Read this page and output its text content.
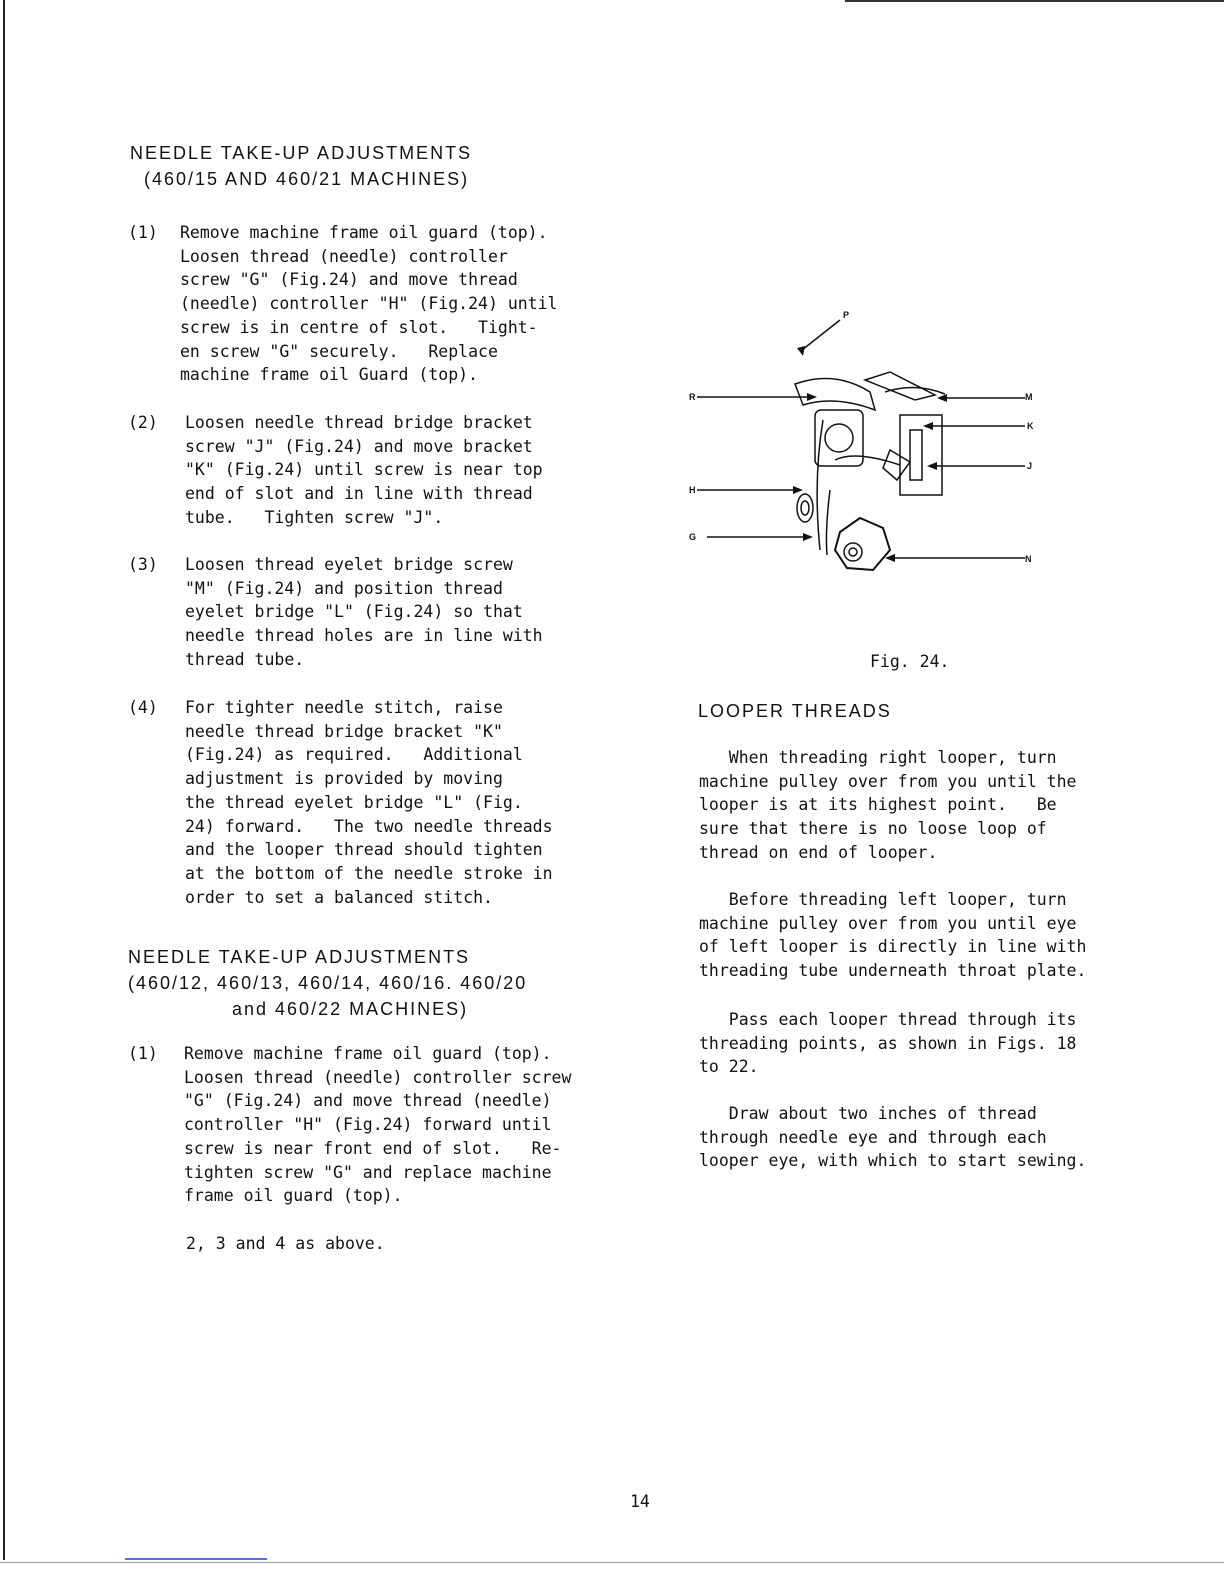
NEEDLE TAKE-UP ADJUSTMENTS
(460/15 AND 460/21 MACHINES)
(1) Remove machine frame oil guard (top).
Loosen thread (needle) controller
screw "G" (Fig.24) and move thread
(needle) controller "H" (Fig.24) until
screw is in centre of slot.   Tight-
en screw "G" securely.   Replace
machine frame oil Guard (top).
(2) Loosen needle thread bridge bracket
screw "J" (Fig.24) and move bracket
"K" (Fig.24) until screw is near top
end of slot and in line with thread
tube.   Tighten screw "J".
(3) Loosen thread eyelet bridge screw
"M" (Fig.24) and position thread
eyelet bridge "L" (Fig.24) so that
needle thread holes are in line with
thread tube.
(4) For tighter needle stitch, raise
needle thread bridge bracket "K"
(Fig.24) as required.   Additional
adjustment is provided by moving
the thread eyelet bridge "L" (Fig.
24) forward.   The two needle threads
and the looper thread should tighten
at the bottom of the needle stroke in
order to set a balanced stitch.
NEEDLE TAKE-UP ADJUSTMENTS
(460/12, 460/13, 460/14, 460/16. 460/20
and 460/22 MACHINES)
(1) Remove machine frame oil guard (top).
Loosen thread (needle) controller screw
"G" (Fig.24) and move thread (needle)
controller "H" (Fig.24) forward until
screw is near front end of slot.   Re-
tighten screw "G" and replace machine
frame oil guard (top).
2, 3 and 4 as above.
P
R	M
K
J
H
G
N
Fig. 24.
LOOPER THREADS
When threading right looper, turn
machine pulley over from you until the
looper is at its highest point.   Be
sure that there is no loose loop of
thread on end of looper.
Before threading left looper, turn
machine pulley over from you until eye
of left looper is directly in line with
threading tube underneath throat plate.
Pass each looper thread through its
threading points, as shown in Figs. 18
to 22.
Draw about two inches of thread
through needle eye and through each
looper eye, with which to start sewing.
14
